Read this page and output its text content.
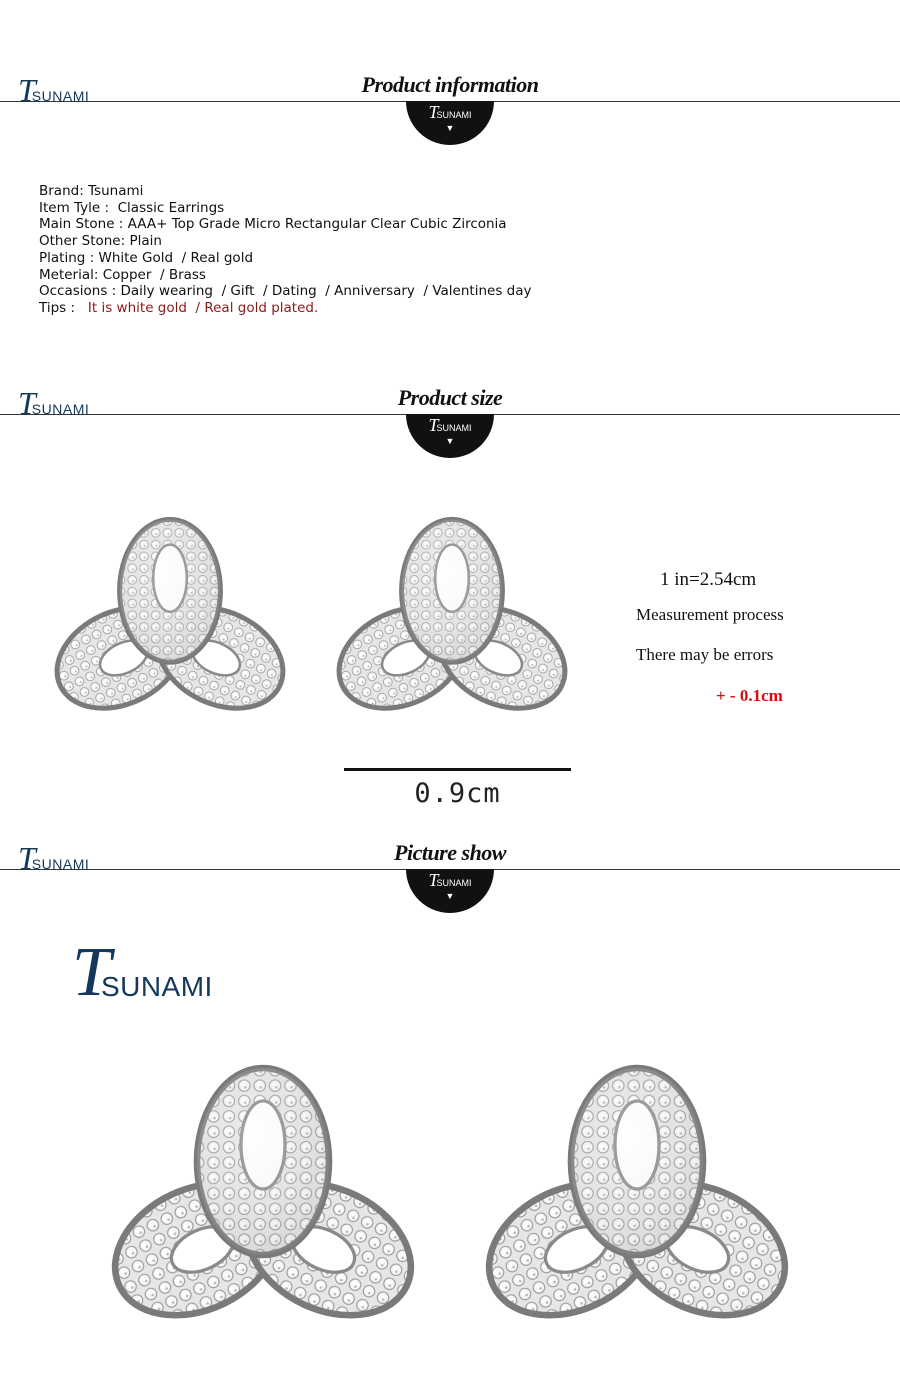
T
SUNAMI	Product information
T
SUNAMI
▼
Brand: Tsunami
Item Tyle :  Classic Earrings
Main Stone : AAA+ Top Grade Micro Rectangular Clear Cubic Zirconia
Other Stone: Plain
Plating : White Gold  / Real gold
Meterial: Copper  / Brass
Occasions : Daily wearing  / Gift  / Dating  / Anniversary  / Valentines day
Tips :   It is white gold  / Real gold plated.
T
SUNAMI	Product size
T
SUNAMI
▼
1 in=2.54cm
Measurement process
There may be errors
+ - 0.1cm
0.9cm
T
SUNAMI	Picture show
T
SUNAMI
▼
T
SUNAMI
